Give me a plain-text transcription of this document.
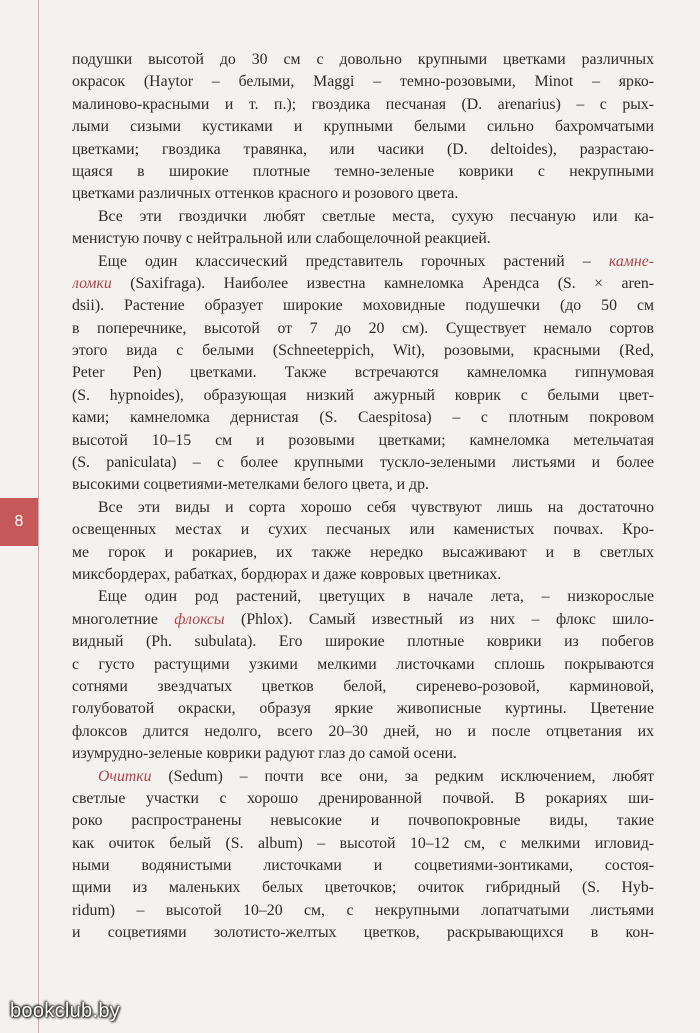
8
подушки высотой до 30 см с довольно крупными цветками различных
окрасок (Haytor – белыми, Maggi – темно-розовыми, Minot – ярко-
малиново-красными и т. п.); гвоздика песчаная (D. arenarius) – с рых-
лыми сизыми кустиками и крупными белыми сильно бахромчатыми
цветками; гвоздика травянка, или часики (D. deltoides), разрастаю-
щаяся в широкие плотные темно-зеленые коврики с некрупными
цветками различных оттенков красного и розового цвета.
Все эти гвоздички любят светлые места, сухую песчаную или ка-
менистую почву с нейтральной или слабощелочной реакцией.
Еще один классический представитель горочных растений – камне-
ломки (Saxifraga). Наиболее известна камнеломка Арендса (S. × aren-
dsii). Растение образует широкие моховидные подушечки (до 50 см
в поперечнике, высотой от 7 до 20 см). Существует немало сортов
этого вида с белыми (Schneeteppich, Wit), розовыми, красными (Red,
Peter Pen) цветками. Также встречаются камнеломка гипнумовая
(S. hypnoides), образующая низкий ажурный коврик с белыми цвет-
ками; камнеломка дернистая (S. Caespitosa) – с плотным покровом
высотой 10–15 см и розовыми цветками; камнеломка метельчатая
(S. paniculata) – с более крупными тускло-зелеными листьями и более
высокими соцветиями-метелками белого цвета, и др.
Все эти виды и сорта хорошо себя чувствуют лишь на достаточно
освещенных местах и сухих песчаных или каменистых почвах. Кро-
ме горок и рокариев, их также нередко высаживают и в светлых
миксбордерах, рабатках, бордюрах и даже ковровых цветниках.
Еще один род растений, цветущих в начале лета, – низкорослые
многолетние флоксы (Phlox). Самый известный из них – флокс шило-
видный (Ph. subulata). Его широкие плотные коврики из побегов
с густо растущими узкими мелкими листочками сплошь покрываются
сотнями звездчатых цветков белой, сиренево-розовой, карминовой,
голубоватой окраски, образуя яркие живописные куртины. Цветение
флоксов длится недолго, всего 20–30 дней, но и после отцветания их
изумрудно-зеленые коврики радуют глаз до самой осени.
Очитки (Sedum) – почти все они, за редким исключением, любят
светлые участки с хорошо дренированной почвой. В рокариях ши-
роко распространены невысокие и почвопокровные виды, такие
как очиток белый (S. album) – высотой 10–12 см, с мелкими игловид-
ными водянистыми листочками и соцветиями-зонтиками, состоя-
щими из маленьких белых цветочков; очиток гибридный (S. Hyb-
ridum) – высотой 10–20 см, с некрупными лопатчатыми листьями
и соцветиями золотисто-желтых цветков, раскрывающихся в кон-
bookclub.by
